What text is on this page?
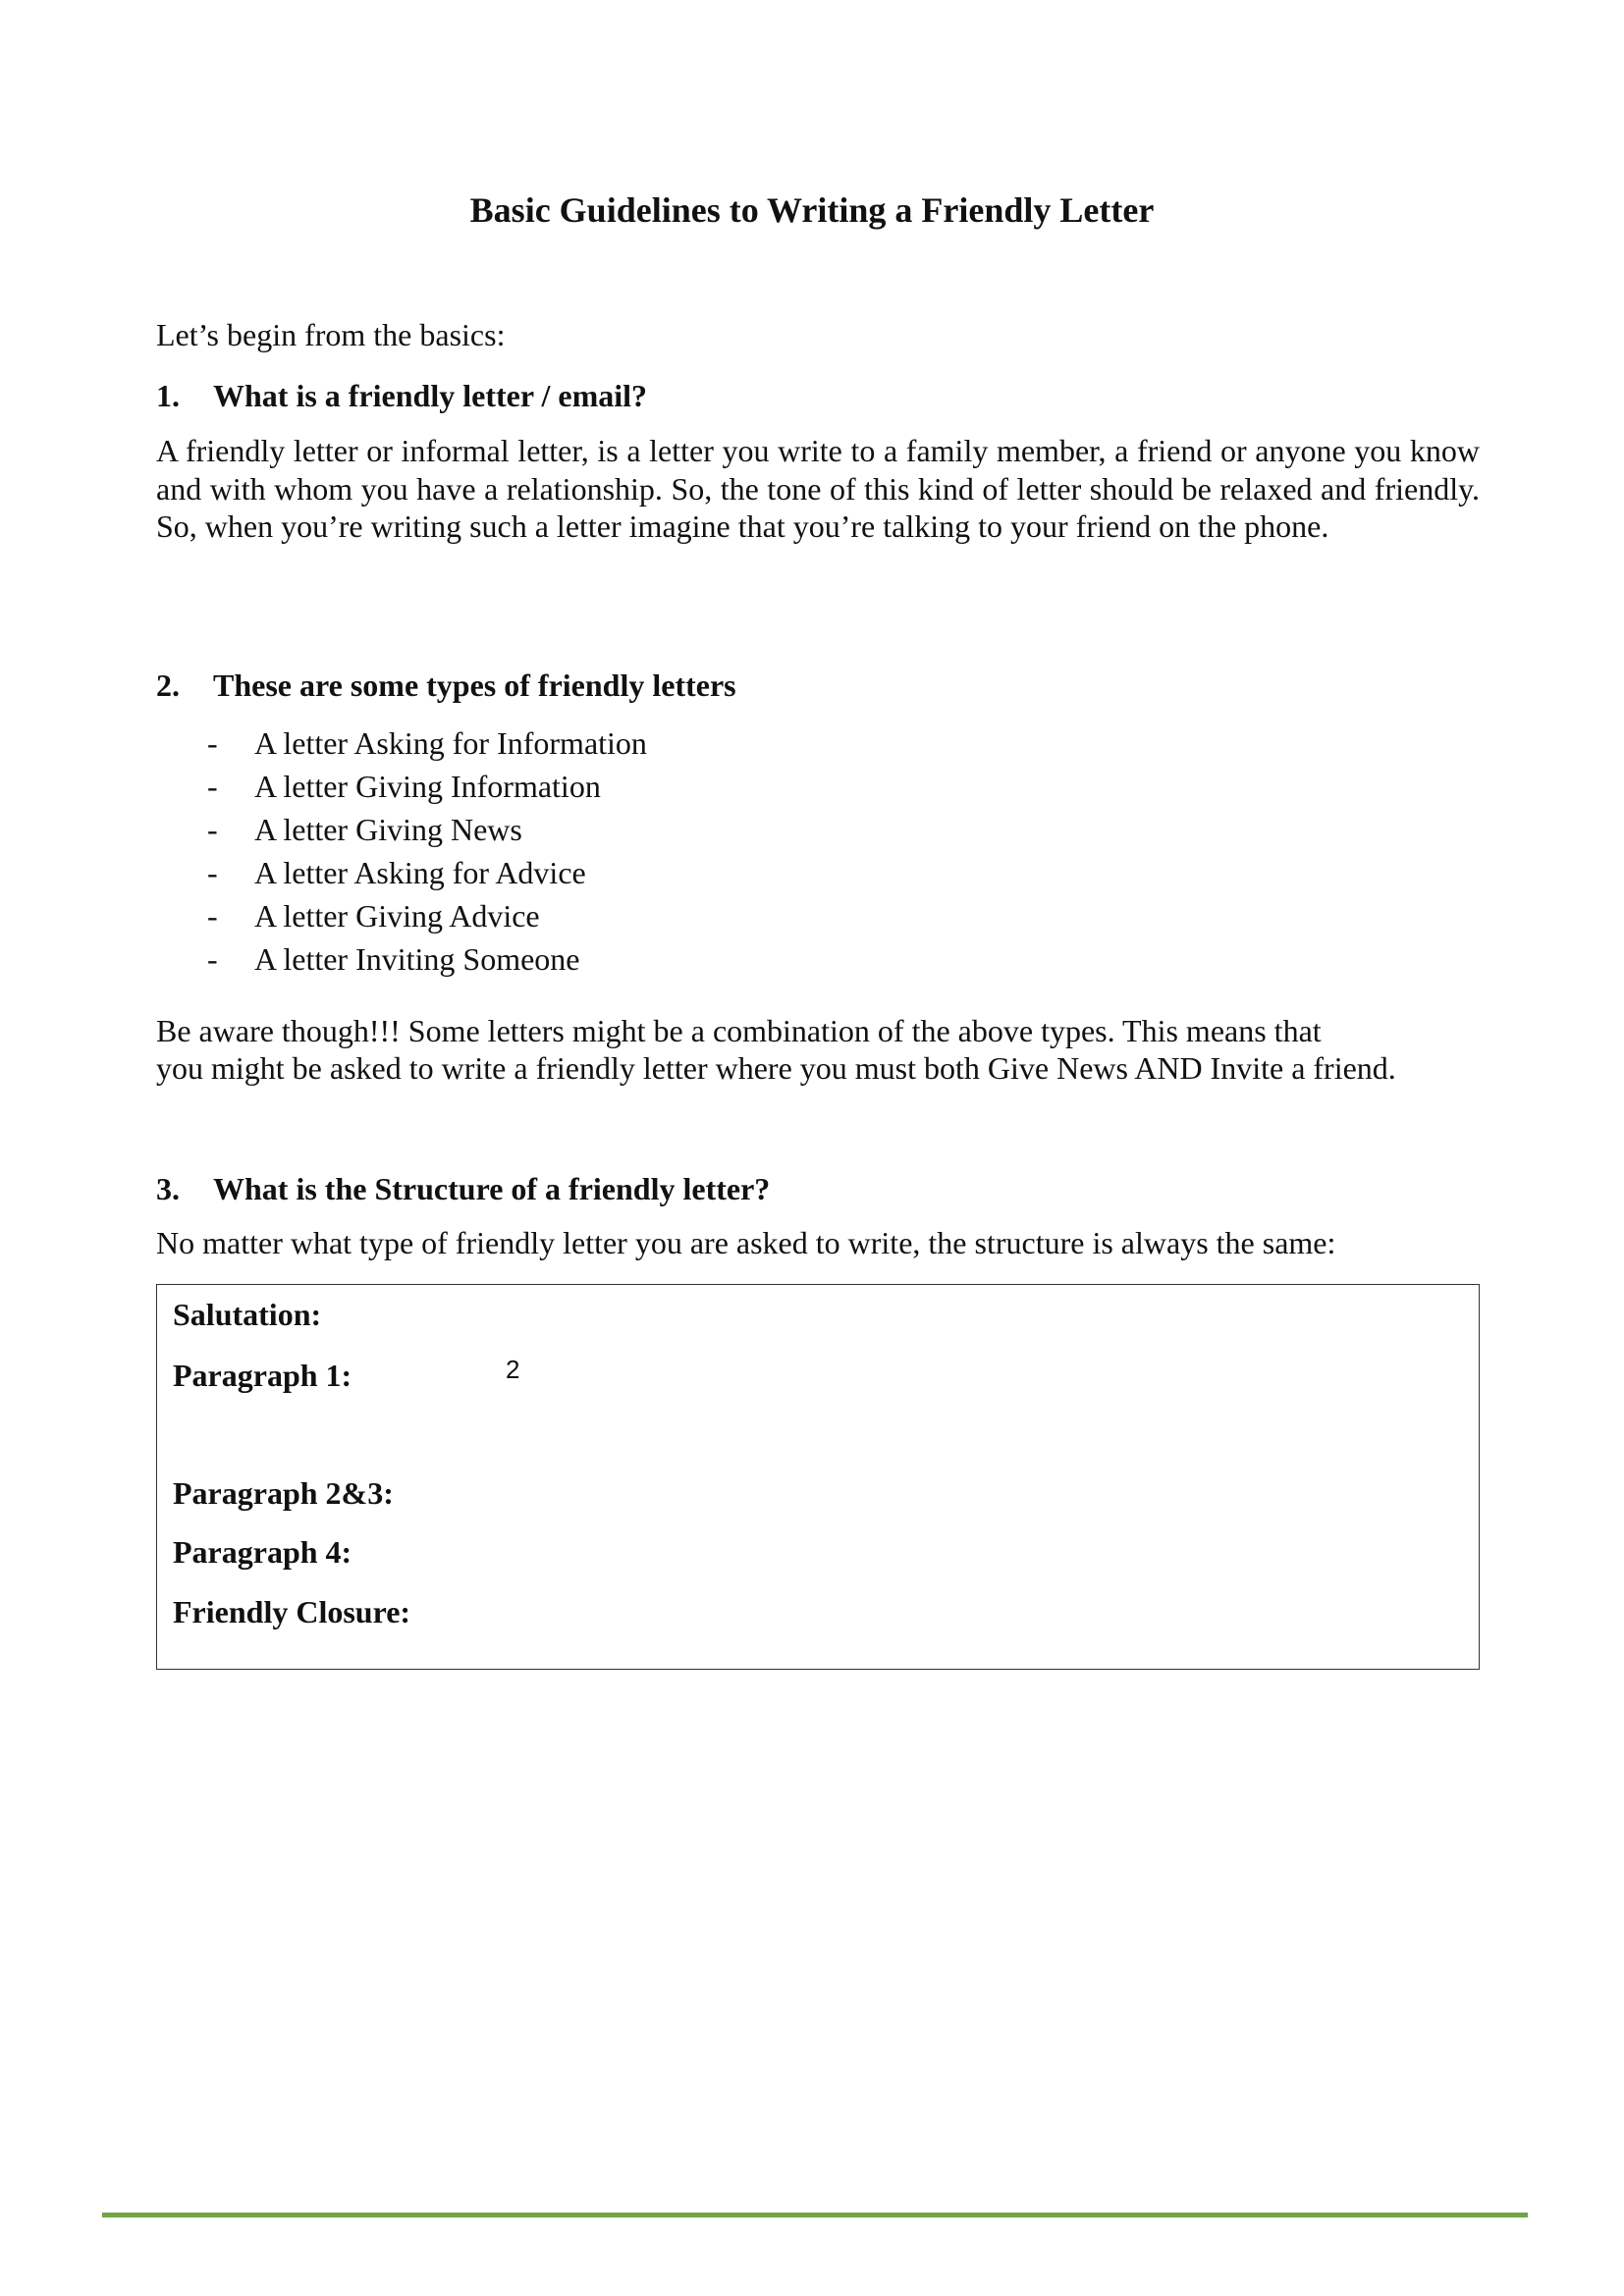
Basic Guidelines to Writing a Friendly Letter

Let’s begin from the basics:

1. What is a friendly letter / email?

A friendly letter or informal letter, is a letter you write to a family member, a friend or anyone you know and with whom you have a relationship. So, the tone of this kind of letter should be relaxed and friendly. So, when you’re writing such a letter imagine that you’re talking to your friend on the phone.

2. These are some types of friendly letters
- A letter Asking for Information
- A letter Giving Information
- A letter Giving News
- A letter Asking for Advice
- A letter Giving Advice
- A letter Inviting Someone

Be aware though!!! Some letters might be a combination of the above types. This means that

you might be asked to write a friendly letter where you must both Give News AND Invite a friend.

3. What is the Structure of a friendly letter?

No matter what type of friendly letter you are asked to write, the structure is always the same:

Salutation:

Paragraph 1:	2

Paragraph 2&3:

Paragraph 4:

Friendly Closure:
